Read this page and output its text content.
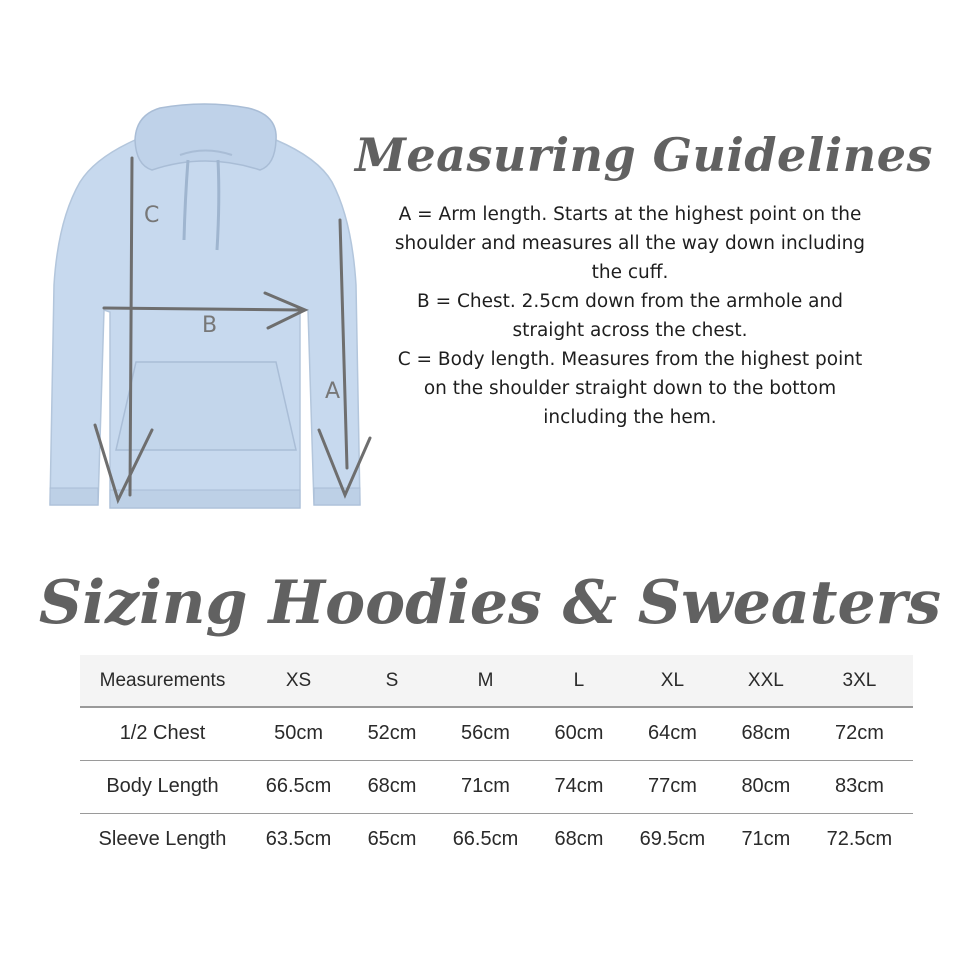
C
B
A
Measuring Guidelines

A = Arm length. Starts at the highest point on the

shoulder and measures all the way down including

the cuff.

B = Chest. 2.5cm down from the armhole and

straight across the chest.

C = Body length. Measures from the highest point

on the shoulder straight down to the bottom

including the hem.

Sizing Hoodies & Sweaters
Measurements	XS	S	M	L	XL	XXL	3XL
1/2 Chest	50cm	52cm	56cm	60cm	64cm	68cm	72cm
Body Length	66.5cm	68cm	71cm	74cm	77cm	80cm	83cm
Sleeve Length	63.5cm	65cm	66.5cm	68cm	69.5cm	71cm	72.5cm
